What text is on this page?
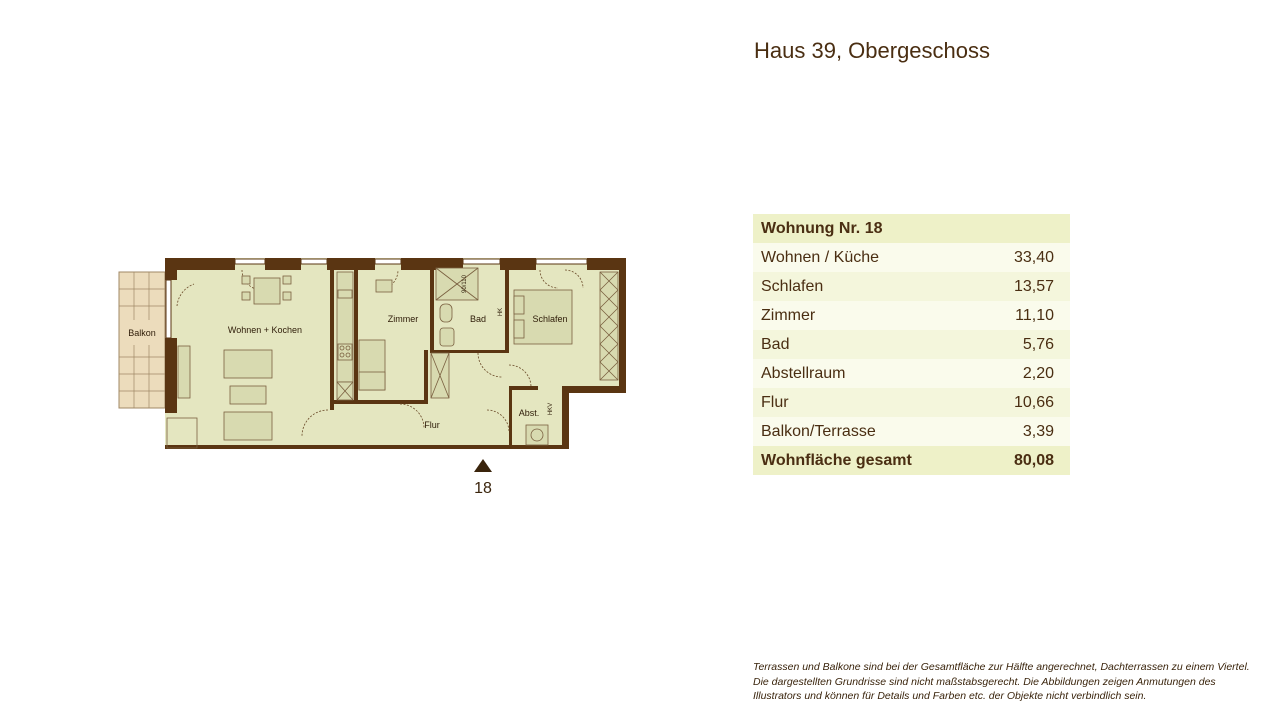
Haus 39, Obergeschoss
Balkon	Wohnen + Kochen
Zimmer	Bad	Schlafen
Flur
Abst.
90/110
HK
HKV
18
Wohnung Nr. 18	
Wohnen / Küche	33,40
Schlafen	13,57
Zimmer	11,10
Bad	5,76
Abstellraum	2,20
Flur	10,66
Balkon/Terrasse	3,39
Wohnfläche gesamt	80,08
Terrassen und Balkone sind bei der Gesamtfläche zur Hälfte angerechnet, Dachterrassen zu einem Viertel.
Die dargestellten Grundrisse sind nicht maßstabsgerecht. Die Abbildungen zeigen Anmutungen des
Illustrators und können für Details und Farben etc. der Objekte nicht verbindlich sein.
